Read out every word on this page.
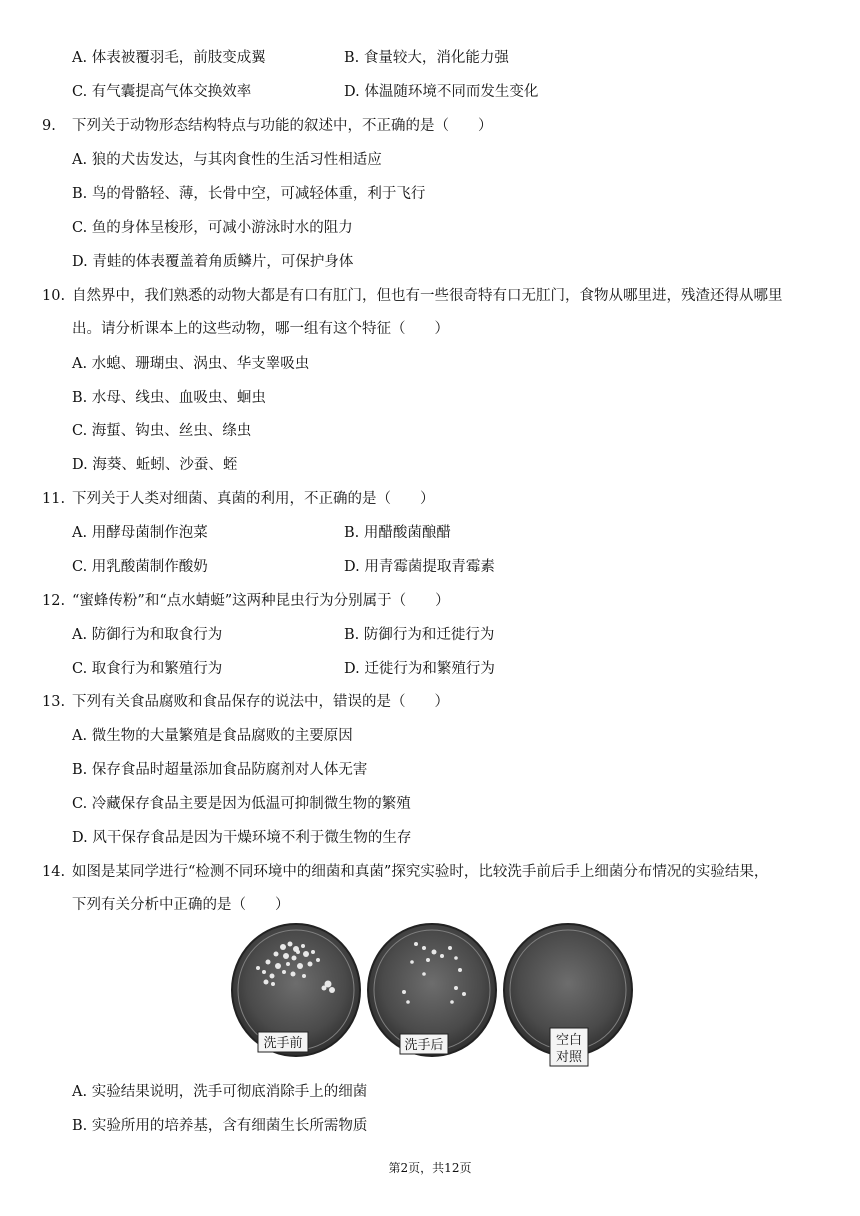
A. 体表被覆羽毛，前肢变成翼	B. 食量较大，消化能力强
C. 有气囊提高气体交换效率	D. 体温随环境不同而发生变化
9. 下列关于动物形态结构特点与功能的叙述中，不正确的是（　　）
A. 狼的犬齿发达，与其肉食性的生活习性相适应
B. 鸟的骨骼轻、薄，长骨中空，可减轻体重，利于飞行
C. 鱼的身体呈梭形，可减小游泳时水的阻力
D. 青蛙的体表覆盖着角质鳞片，可保护身体
10. 自然界中，我们熟悉的动物大都是有口有肛门，但也有一些很奇特有口无肛门，食物从哪里进，残渣还得从哪里
出。请分析课本上的这些动物，哪一组有这个特征（　　）
A. 水螅、珊瑚虫、涡虫、华支睾吸虫
B. 水母、线虫、血吸虫、蛔虫
C. 海蜇、钩虫、丝虫、绦虫
D. 海葵、蚯蚓、沙蚕、蛭
11. 下列关于人类对细菌、真菌的利用，不正确的是（　　）
A. 用酵母菌制作泡菜	B. 用醋酸菌酿醋
C. 用乳酸菌制作酸奶	D. 用青霉菌提取青霉素
12. “蜜蜂传粉”和“点水蜻蜓”这两种昆虫行为分别属于（　　）
A. 防御行为和取食行为	B. 防御行为和迁徙行为
C. 取食行为和繁殖行为	D. 迁徙行为和繁殖行为
13. 下列有关食品腐败和食品保存的说法中，错误的是（　　）
A. 微生物的大量繁殖是食品腐败的主要原因
B. 保存食品时超量添加食品防腐剂对人体无害
C. 冷藏保存食品主要是因为低温可抑制微生物的繁殖
D. 风干保存食品是因为干燥环境不利于微生物的生存
14. 如图是某同学进行“检测不同环境中的细菌和真菌”探究实验时，比较洗手前后手上细菌分布情况的实验结果，
下列有关分析中正确的是（　　）
A. 实验结果说明，洗手可彻底消除手上的细菌
B. 实验所用的培养基，含有细菌生长所需物质
洗手前	洗手后	空白
对照
第2页，共12页
